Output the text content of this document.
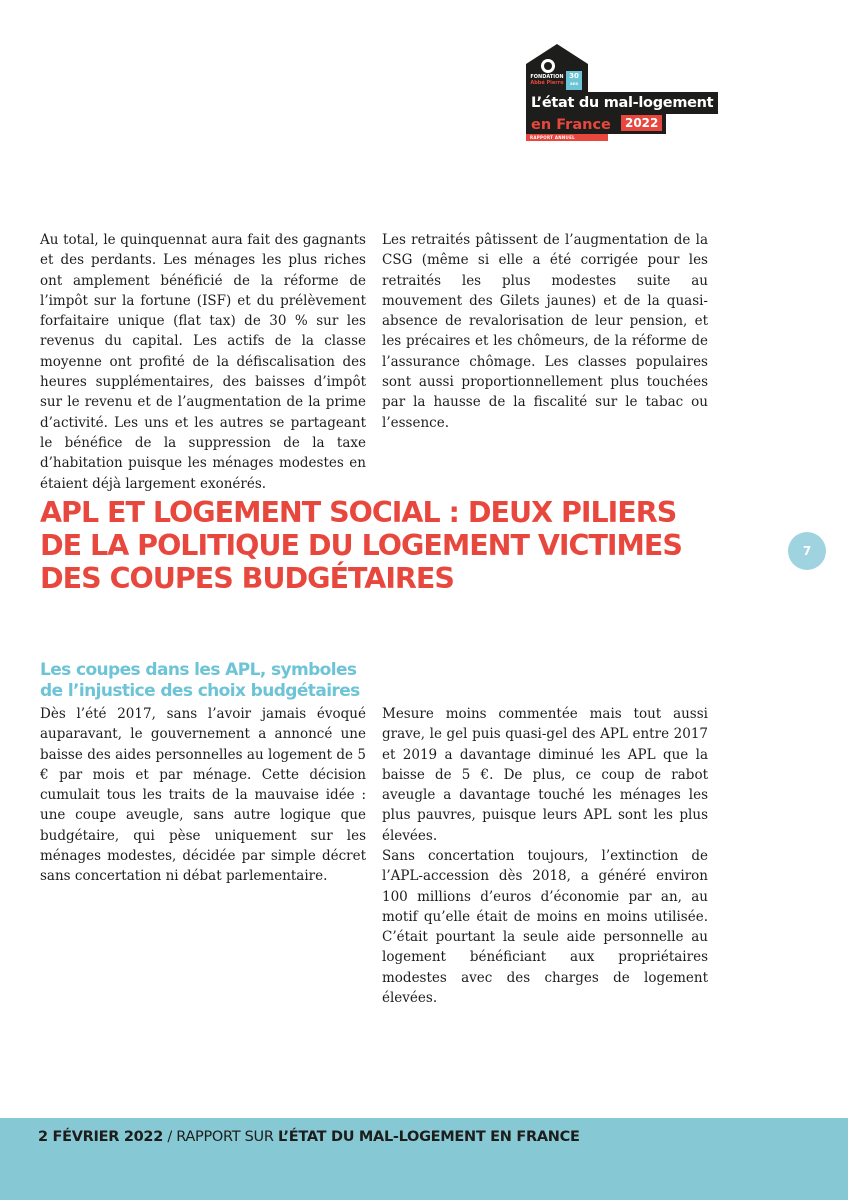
FONDATION
Abbé Pierre
30
ans
L’état du mal-logement
en France 2022
RAPPORT ANNUEL

Au total, le quinquennat aura fait des gagnants et des perdants. Les ménages les plus riches ont amplement bénéficié de la réforme de l’impôt sur la fortune (ISF) et du prélèvement forfaitaire unique (flat tax) de 30 % sur les revenus du capital. Les actifs de la classe moyenne ont profité de la défiscalisation des heures supplémentaires, des baisses d’impôt sur le revenu et de l’augmentation de la prime d’activité. Les uns et les autres se partageant le bénéfice de la suppression de la taxe d’habitation puisque les ménages modestes en étaient déjà largement exonérés.

Les retraités pâtissent de l’augmentation de la CSG (même si elle a été corrigée pour les retraités les plus modestes suite au mouvement des Gilets jaunes) et de la quasi-absence de revalorisation de leur pension, et les précaires et les chômeurs, de la réforme de l’assurance chômage. Les classes populaires sont aussi proportionnellement plus touchées par la hausse de la fiscalité sur le tabac ou l’essence.

APL ET LOGEMENT SOCIAL : DEUX PILIERS DE LA POLITIQUE DU LOGEMENT VICTIMES DES COUPES BUDGÉTAIRES
7
Les coupes dans les APL, symboles de l’injustice des choix budgétaires

Dès l’été 2017, sans l’avoir jamais évoqué auparavant, le gouvernement a annoncé une baisse des aides personnelles au logement de 5 € par mois et par ménage. Cette décision cumulait tous les traits de la mauvaise idée : une coupe aveugle, sans autre logique que budgétaire, qui pèse uniquement sur les ménages modestes, décidée par simple décret sans concertation ni débat parlementaire.

Mesure moins commentée mais tout aussi grave, le gel puis quasi-gel des APL entre 2017 et 2019 a davantage diminué les APL que la baisse de 5 €. De plus, ce coup de rabot aveugle a davantage touché les ménages les plus pauvres, puisque leurs APL sont les plus élevées.

Sans concertation toujours, l’extinction de l’APL-accession dès 2018, a généré environ 100 millions d’euros d’économie par an, au motif qu’elle était de moins en moins utilisée. C’était pourtant la seule aide personnelle au logement bénéficiant aux propriétaires modestes avec des charges de logement élevées.

2 FÉVRIER 2022 / RAPPORT SUR L’ÉTAT DU MAL-LOGEMENT EN FRANCE
